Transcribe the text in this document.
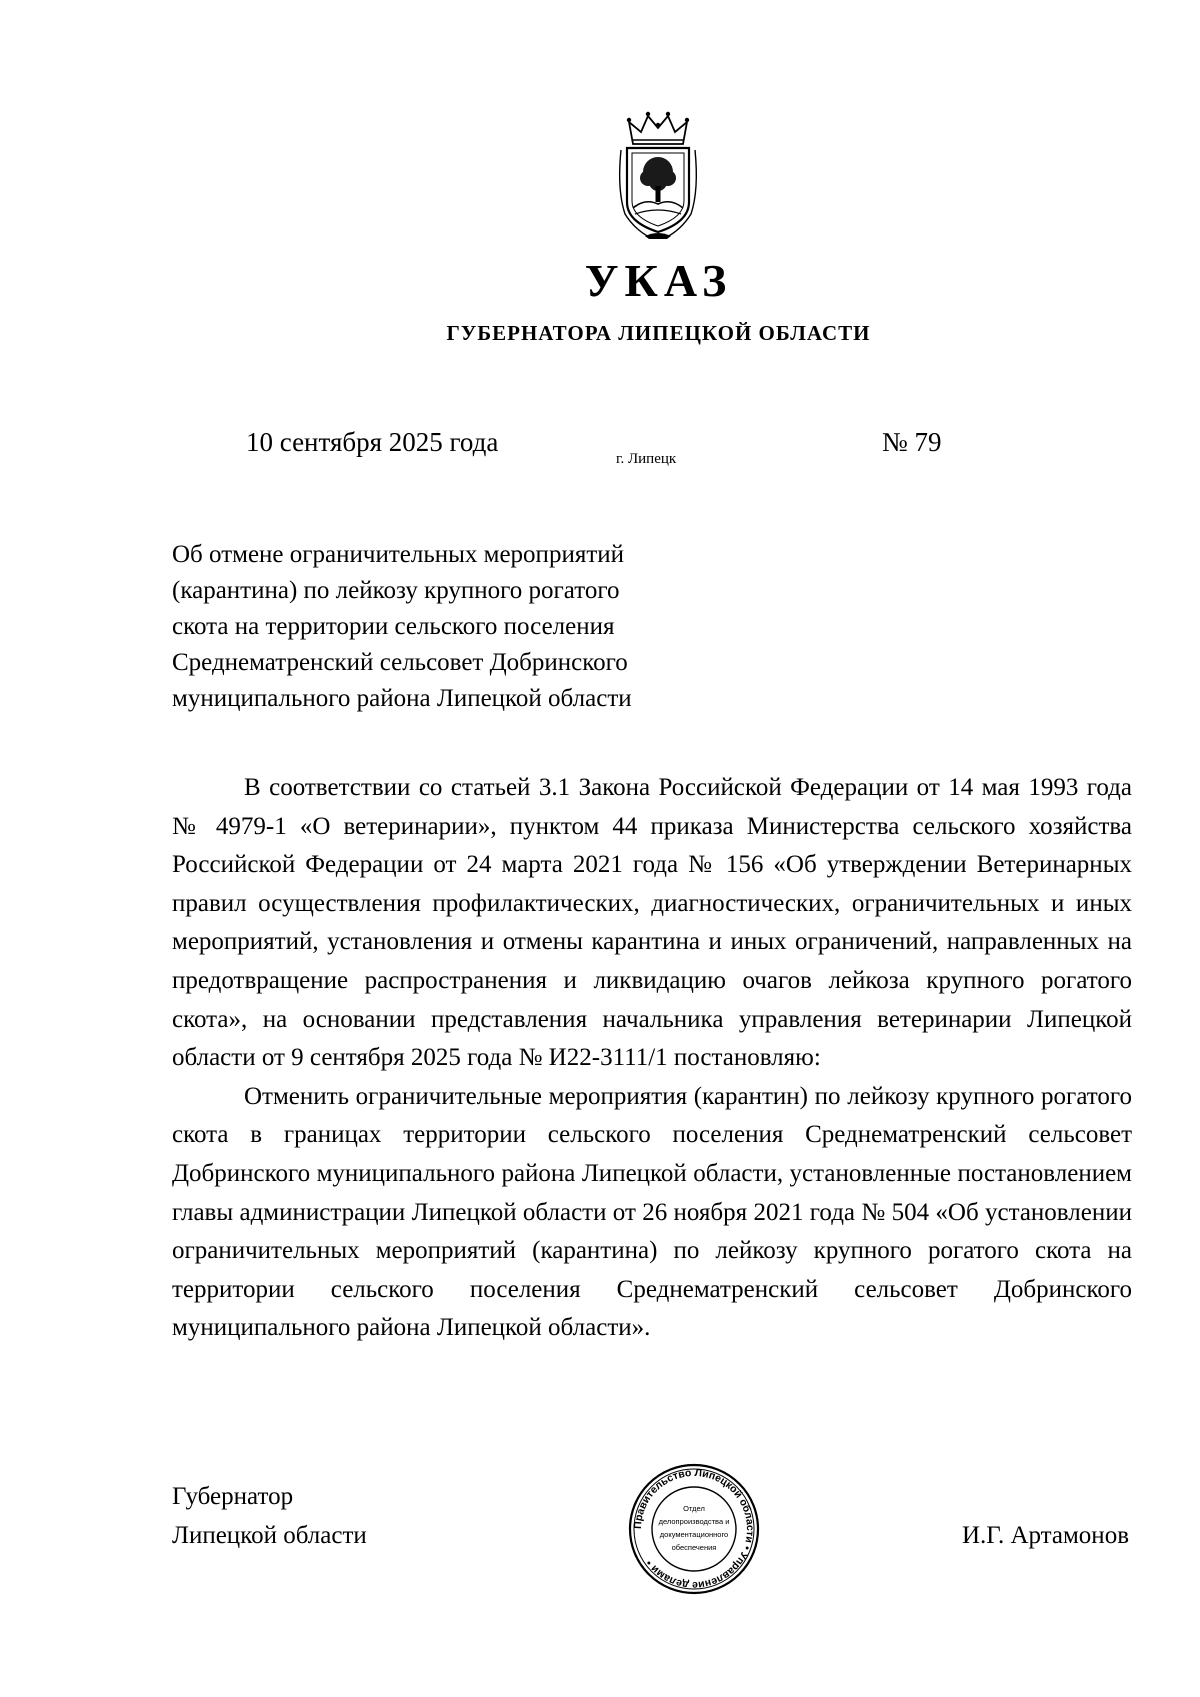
УКАЗ
ГУБЕРНАТОРА ЛИПЕЦКОЙ ОБЛАСТИ
10 сентября 2025 года
г. Липецк
№ 79
Об отмене ограничительных мероприятий
(карантина) по лейкозу крупного рогатого
скота на территории сельского поселения
Среднематренский сельсовет Добринского
муниципального района Липецкой области

В соответствии со статьей 3.1 Закона Российской Федерации от 14 мая 1993 года № 4979-1 «О ветеринарии», пунктом 44 приказа Министерства сельского хозяйства Российской Федерации от 24 марта 2021 года № 156 «Об утверждении Ветеринарных правил осуществления профилактических, диагностических, ограничительных и иных мероприятий, установления и отмены карантина и иных ограничений, направленных на предотвращение распространения и ликвидацию очагов лейкоза крупного рогатого скота», на основании представления начальника управления ветеринарии Липецкой области от 9 сентября 2025 года № И22-3111/1 постановляю:

Отменить ограничительные мероприятия (карантин) по лейкозу крупного рогатого скота в границах территории сельского поселения Среднематренский сельсовет Добринского муниципального района Липецкой области, установленные постановлением главы администрации Липецкой области от 26 ноября 2021 года № 504 «Об установлении ограничительных мероприятий (карантина) по лейкозу крупного рогатого скота на территории сельского поселения Среднематренский сельсовет Добринского муниципального района Липецкой области».

Губернатор
Липецкой области	Правительство Липецкой области • Управление делами •
Отдел
делопроизводства и
документационного
обеспечения	И.Г. Артамонов
